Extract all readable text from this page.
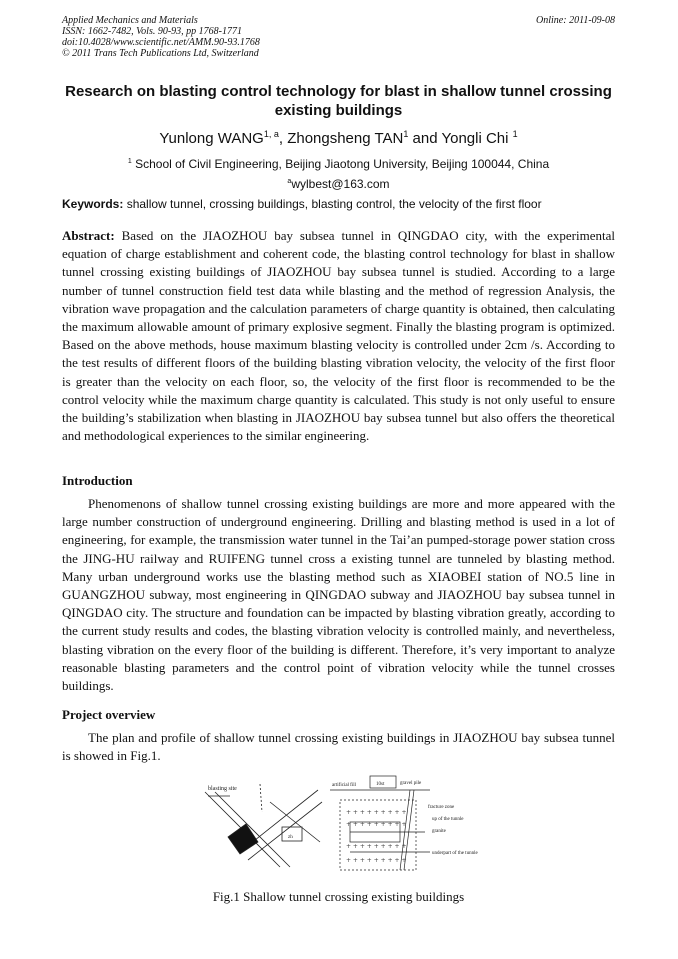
Applied Mechanics and Materials
ISSN: 1662-7482, Vols. 90-93, pp 1768-1771
doi:10.4028/www.scientific.net/AMM.90-93.1768
© 2011 Trans Tech Publications Ltd, Switzerland
Online: 2011-09-08
Research on blasting control technology for blast in shallow tunnel crossing existing buildings
Yunlong WANG$^{1, a}$, Zhongsheng TAN$^1$ and Yongli Chi $^1$
$^1$ School of Civil Engineering, Beijing Jiaotong University, Beijing 100044, China
$^a$wylbest@163.com
Keywords: shallow tunnel, crossing buildings, blasting control, the velocity of the first floor
Abstract: Based on the JIAOZHOU bay subsea tunnel in QINGDAO city, with the experimental equation of charge establishment and coherent code, the blasting control technology for blast in shallow tunnel crossing existing buildings of JIAOZHOU bay subsea tunnel is studied. According to a large number of tunnel construction field test data while blasting and the method of regression Analysis, the vibration wave propagation and the calculation parameters of charge quantity is obtained, then calculating the maximum allowable amount of primary explosive segment. Finally the blasting program is optimized. Based on the above methods, house maximum blasting velocity is controlled under 2cm /s. According to the test results of different floors of the building blasting vibration velocity, the velocity of the first floor is greater than the velocity on each floor, so, the velocity of the first floor is recommended to be the control velocity while the maximum charge quantity is calculated. This study is not only useful to ensure the building’s stabilization when blasting in JIAOZHOU bay subsea tunnel but also offers the theoretical and methodological experiences to the similar engineering.
Introduction
Phenomenons of shallow tunnel crossing existing buildings are more and more appeared with the large number construction of underground engineering. Drilling and blasting method is used in a lot of engineering, for example, the transmission water tunnel in the Tai’an pumped-storage power station cross the JING-HU railway and RUIFENG tunnel cross a existing tunnel are tunneled by blasting method. Many urban underground works use the blasting method such as XIAOBEI station of NO.5 line in GUANGZHOU subway, most engineering in QINGDAO subway and JIAOZHOU bay subsea tunnel in QINGDAO city. The structure and foundation can be impacted by blasting vibration greatly, according to the current study results and codes, the blasting vibration velocity is controlled mainly, and nevertheless, blasting vibration on the every floor of the building is different. Therefore, it’s very important to analyze reasonable blasting parameters and the control point of vibration velocity while the tunnel crosses buildings.
Project overview
The plan and profile of shallow tunnel crossing existing buildings in JIAOZHOU bay subsea tunnel is showed in Fig.1.
blasting site
zh
+ + + + + + + + +
+ + + + + + + + +
+ + + + + + + + +
+ + + + + + + + +
artificial fill	10st	gravel pile
fracture zone
up of the tunnle
granite
underpart of the tunnle
Fig.1 Shallow tunnel crossing existing buildings
